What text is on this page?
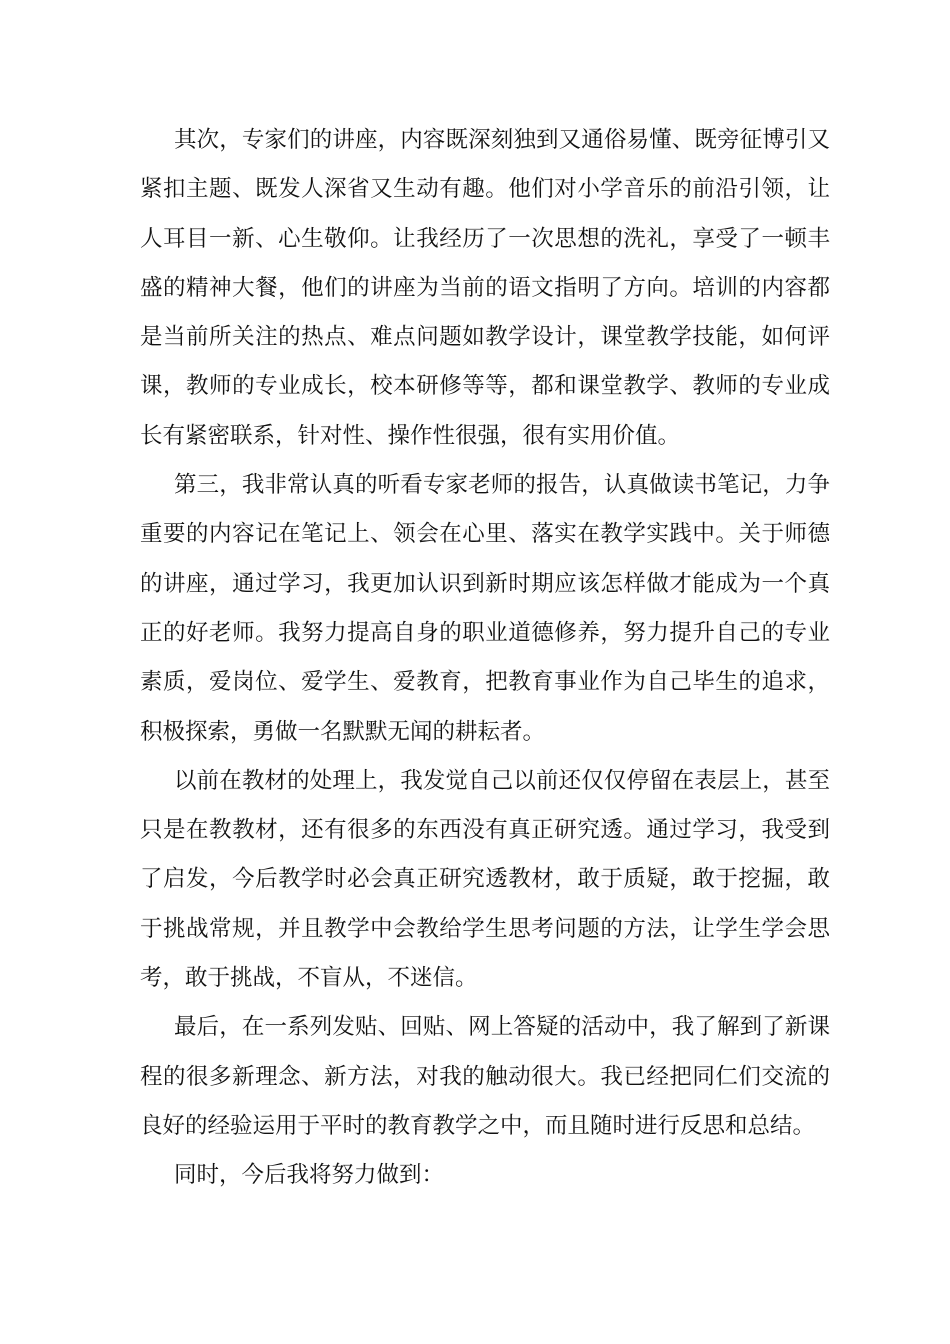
其次，专家们的讲座，内容既深刻独到又通俗易懂、既旁征博引又紧扣主题、既发人深省又生动有趣。他们对小学音乐的前沿引领，让人耳目一新、心生敬仰。让我经历了一次思想的洗礼，享受了一顿丰盛的精神大餐，他们的讲座为当前的语文指明了方向。培训的内容都是当前所关注的热点、难点问题如教学设计，课堂教学技能，如何评课，教师的专业成长，校本研修等等，都和课堂教学、教师的专业成长有紧密联系，针对性、操作性很强，很有实用价值。

第三，我非常认真的听看专家老师的报告，认真做读书笔记，力争重要的内容记在笔记上、领会在心里、落实在教学实践中。关于师德的讲座，通过学习，我更加认识到新时期应该怎样做才能成为一个真正的好老师。我努力提高自身的职业道德修养，努力提升自己的专业素质，爱岗位、爱学生、爱教育，把教育事业作为自己毕生的追求，积极探索，勇做一名默默无闻的耕耘者。

以前在教材的处理上，我发觉自己以前还仅仅停留在表层上，甚至只是在教教材，还有很多的东西没有真正研究透。通过学习，我受到了启发，今后教学时必会真正研究透教材，敢于质疑，敢于挖掘，敢于挑战常规，并且教学中会教给学生思考问题的方法，让学生学会思考，敢于挑战，不盲从，不迷信。

最后，在一系列发贴、回贴、网上答疑的活动中，我了解到了新课程的很多新理念、新方法，对我的触动很大。我已经把同仁们交流的良好的经验运用于平时的教育教学之中，而且随时进行反思和总结。

同时，今后我将努力做到：
